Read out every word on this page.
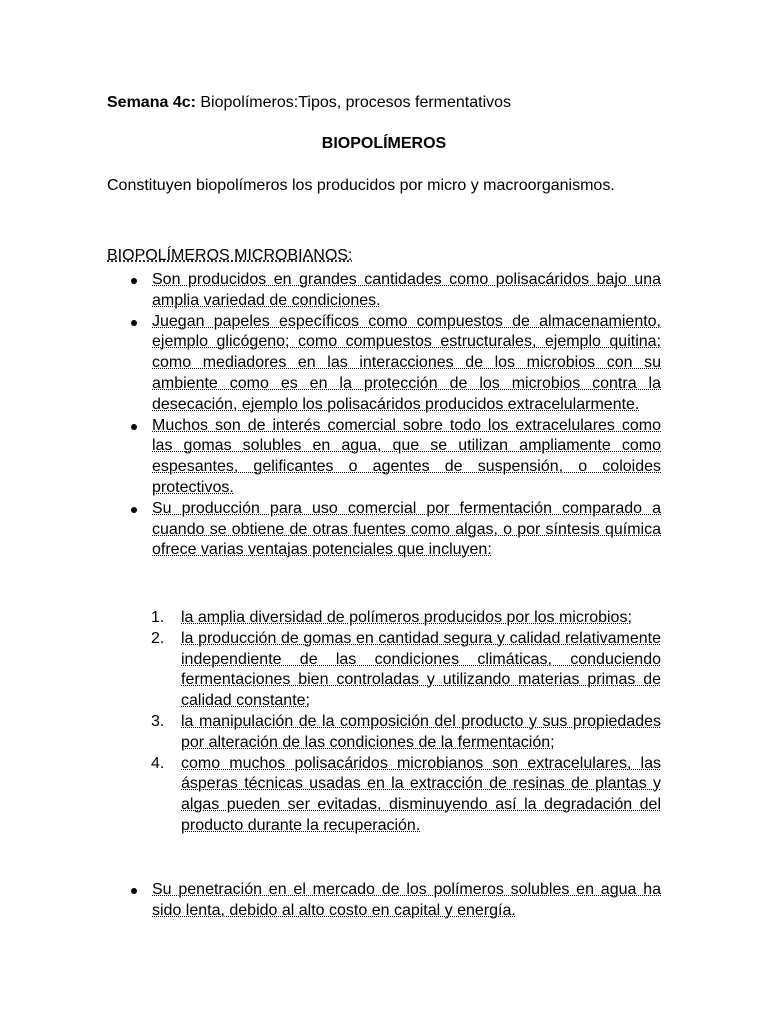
Semana 4c: Biopolímeros:Tipos, procesos fermentativos
BIOPOLÍMEROS

Constituyen biopolímeros los producidos por micro y macroorganismos.

BIOPOLÍMEROS MICROBIANOS:
Son producidos en grandes cantidades como polisacáridos bajo una amplia variedad de condiciones.
Juegan papeles específicos como compuestos de almacenamiento, ejemplo glicógeno; como compuestos estructurales, ejemplo quitina; como mediadores en las interacciones de los microbios con su ambiente como es en la protección de los microbios contra la desecación, ejemplo los polisacáridos producidos extracelularmente.
Muchos son de interés comercial sobre todo los extracelulares como las gomas solubles en agua, que se utilizan ampliamente como espesantes, gelificantes o agentes de suspensión, o coloides protectivos.
Su producción para uso comercial por fermentación comparado a cuando se obtiene de otras fuentes como algas, o por síntesis química ofrece varias ventajas potenciales que incluyen:
1. la amplia diversidad de polímeros producidos por los microbios;
2. la producción de gomas en cantidad segura y calidad relativamente independiente de las condiciones climáticas, conduciendo fermentaciones bien controladas y utilizando materias primas de calidad constante;
3. la manipulación de la composición del producto y sus propiedades por alteración de las condiciones de la fermentación;
4. como muchos polisacáridos microbianos son extracelulares, las ásperas técnicas usadas en la extracción de resinas de plantas y algas pueden ser evitadas, disminuyendo así la degradación del producto durante la recuperación.
Su penetración en el mercado de los polímeros solubles en agua ha sido lenta, debido al alto costo en capital y energía.
